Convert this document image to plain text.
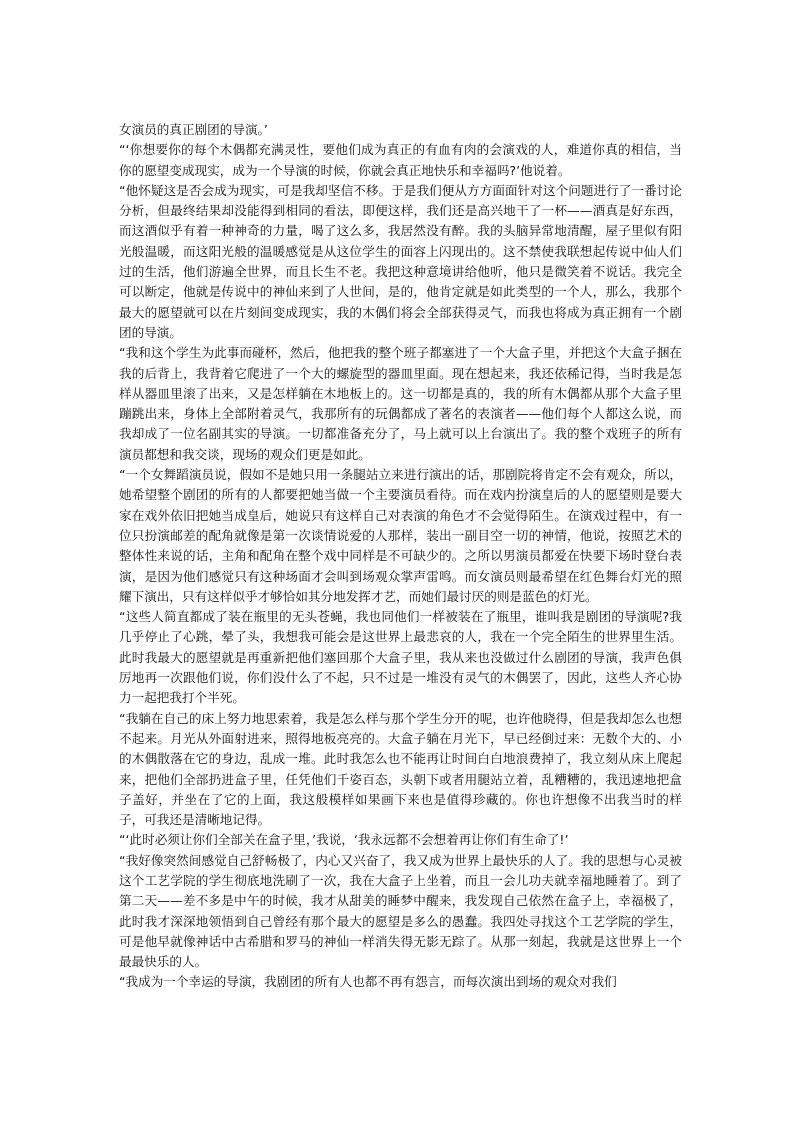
女演员的真正剧团的导演。’

“‘你想要你的每个木偶都充满灵性，要他们成为真正的有血有肉的会演戏的人，难道你真的相信，当你的愿望变成现实，成为一个导演的时候，你就会真正地快乐和幸福吗?’他说着。

“他怀疑这是否会成为现实，可是我却坚信不移。于是我们便从方方面面针对这个问题进行了一番讨论分析，但最终结果却没能得到相同的看法，即便这样，我们还是高兴地干了一杯——酒真是好东西，而这酒似乎有着一种神奇的力量，喝了这么多，我居然没有醉。我的头脑异常地清醒，屋子里似有阳光般温暖，而这阳光般的温暖感觉是从这位学生的面容上闪现出的。这不禁使我联想起传说中仙人们过的生活，他们游遍全世界，而且长生不老。我把这种意境讲给他听，他只是微笑着不说话。我完全可以断定，他就是传说中的神仙来到了人世间，是的，他肯定就是如此类型的一个人，那么，我那个最大的愿望就可以在片刻间变成现实，我的木偶们将会全部获得灵气，而我也将成为真正拥有一个剧团的导演。

“我和这个学生为此事而碰杯，然后，他把我的整个班子都塞进了一个大盒子里，并把这个大盒子捆在我的后背上，我背着它爬进了一个大的螺旋型的器皿里面。现在想起来，我还依稀记得，当时我是怎样从器皿里滚了出来，又是怎样躺在木地板上的。这一切都是真的，我的所有木偶都从那个大盒子里蹦跳出来，身体上全部附着灵气，我那所有的玩偶都成了著名的表演者——他们每个人都这么说，而我却成了一位名副其实的导演。一切都准备充分了，马上就可以上台演出了。我的整个戏班子的所有演员都想和我交谈，现场的观众们更是如此。

“一个女舞蹈演员说，假如不是她只用一条腿站立来进行演出的话，那剧院将肯定不会有观众，所以，她希望整个剧团的所有的人都要把她当做一个主要演员看待。而在戏内扮演皇后的人的愿望则是要大家在戏外依旧把她当成皇后，她说只有这样自己对表演的角色才不会觉得陌生。在演戏过程中，有一位只扮演邮差的配角就像是第一次谈情说爱的人那样，装出一副目空一切的神情，他说，按照艺术的整体性来说的话，主角和配角在整个戏中同样是不可缺少的。之所以男演员都爱在快要下场时登台表演，是因为他们感觉只有这种场面才会叫到场观众掌声雷鸣。而女演员则最希望在红色舞台灯光的照耀下演出，只有这样似乎才够恰如其分地发挥才艺，而她们最讨厌的则是蓝色的灯光。

“这些人简直都成了装在瓶里的无头苍蝇，我也同他们一样被装在了瓶里，谁叫我是剧团的导演呢?我几乎停止了心跳，晕了头，我想我可能会是这世界上最悲哀的人，我在一个完全陌生的世界里生活。此时我最大的愿望就是再重新把他们塞回那个大盒子里，我从来也没做过什么剧团的导演，我声色俱厉地再一次跟他们说，你们没什么了不起，只不过是一堆没有灵气的木偶罢了，因此，这些人齐心协力一起把我打个半死。

“我躺在自己的床上努力地思索着，我是怎么样与那个学生分开的呢，也许他晓得，但是我却怎么也想不起来。月光从外面射进来，照得地板亮亮的。大盒子躺在月光下，早已经倒过来：无数个大的、小的木偶散落在它的身边，乱成一堆。此时我怎么也不能再让时间白白地浪费掉了，我立刻从床上爬起来，把他们全部扔进盒子里，任凭他们千姿百态，头朝下或者用腿站立着，乱糟糟的，我迅速地把盒子盖好，并坐在了它的上面，我这般模样如果画下来也是值得珍藏的。你也许想像不出我当时的样子，可我还是清晰地记得。

“‘此时必须让你们全部关在盒子里，’我说，‘我永远都不会想着再让你们有生命了!’

“我好像突然间感觉自己舒畅极了，内心又兴奋了，我又成为世界上最快乐的人了。我的思想与心灵被这个工艺学院的学生彻底地洗刷了一次，我在大盒子上坐着，而且一会儿功夫就幸福地睡着了。到了第二天——差不多是中午的时候，我才从甜美的睡梦中醒来，我发现自己依然在盒子上，幸福极了，此时我才深深地领悟到自己曾经有那个最大的愿望是多么的愚蠢。我四处寻找这个工艺学院的学生，可是他早就像神话中古希腊和罗马的神仙一样消失得无影无踪了。从那一刻起，我就是这世界上一个最最快乐的人。

“我成为一个幸运的导演，我剧团的所有人也都不再有怨言，而每次演出到场的观众对我们
